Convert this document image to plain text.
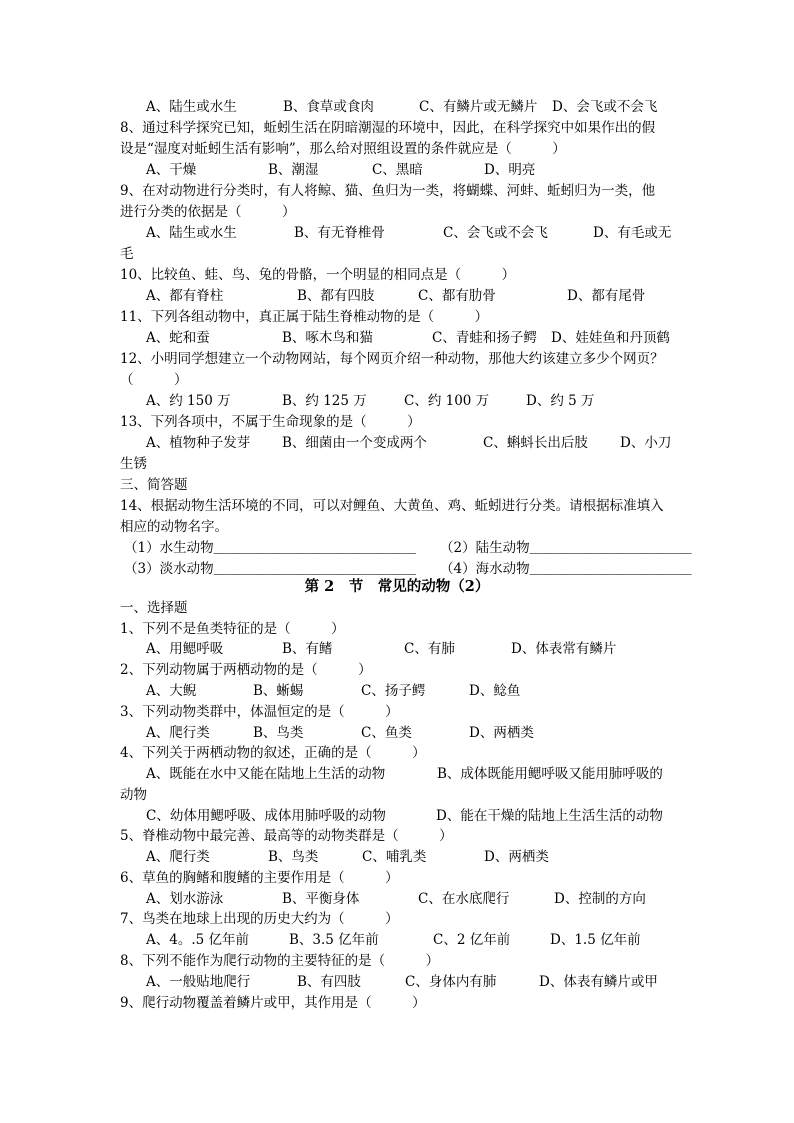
A、陆生或水生	B、食草或食肉	C、有鳞片或无鳞片 D、会飞或不会飞
8、通过科学探究已知，蚯蚓生活在阴暗潮湿的环境中，因此，在科学探究中如果作出的假
设是“湿度对蚯蚓生活有影响”，那么给对照组设置的条件就应是（　　　）
A、干燥	B、潮湿	C、黑暗	D、明亮
9、在对动物进行分类时，有人将鲸、猫、鱼归为一类，将蝴蝶、河蚌、蚯蚓归为一类，他
进行分类的依据是（　　　）
A、陆生或水生	B、有无脊椎骨	C、会飞或不会飞	D、有毛或无
毛
10、比较鱼、蛙、鸟、兔的骨骼，一个明显的相同点是（　　　）
A、都有脊柱	B、都有四肢	C、都有肋骨	D、都有尾骨
11、下列各组动物中，真正属于陆生脊椎动物的是（　　　）
A、蛇和蚕	B、啄木鸟和猫	C、青蛙和扬子鳄 D、娃娃鱼和丹顶鹤
12、小明同学想建立一个动物网站，每个网页介绍一种动物，那他大约该建立多少个网页？
（　　　）
A、约 150 万	B、约 125 万	C、约 100 万	D、约 5 万
13、下列各项中，不属于生命现象的是（　　　）
A、植物种子发芽 B、细菌由一个变成两个	C、蝌蚪长出后肢 D、小刀
生锈
三、简答题
14、根据动物生活环境的不同，可以对鲤鱼、大黄鱼、鸡、蚯蚓进行分类。请根据标准填入
相应的动物名字。
（1）水生动物＿＿＿＿＿＿＿＿＿＿＿＿＿＿＿ （2）陆生动物＿＿＿＿＿＿＿＿＿＿＿＿
（3）淡水动物＿＿＿＿＿＿＿＿＿＿＿＿＿＿＿ （4）海水动物＿＿＿＿＿＿＿＿＿＿＿＿
第 2　节　常见的动物（2）
一、选择题
1、下列不是鱼类特征的是（　　　）
A、用鳃呼吸	B、有鳍	C、有肺	D、体表常有鳞片
2、下列动物属于两栖动物的是（　　　）
A、大鲵	B、蜥蜴	C、扬子鳄	D、鲶鱼
3、下列动物类群中，体温恒定的是（　　　）
A、爬行类	B、鸟类	C、鱼类	D、两栖类
4、下列关于两栖动物的叙述，正确的是（　　　）
A、既能在水中又能在陆地上生活的动物	B、成体既能用鳃呼吸又能用肺呼吸的
动物
C、幼体用鳃呼吸、成体用肺呼吸的动物	D、能在干燥的陆地上生活生活的动物
5、脊椎动物中最完善、最高等的动物类群是（　　　）
A、爬行类	B、鸟类	C、哺乳类	D、两栖类
6、草鱼的胸鳍和腹鳍的主要作用是（　　　）
A、划水游泳	B、平衡身体	C、在水底爬行	D、控制的方向
7、鸟类在地球上出现的历史大约为（　　　）
A、4。.5 亿年前	B、3.5 亿年前	C、2 亿年前	D、1.5 亿年前
8、下列不能作为爬行动物的主要特征的是（　　　）
A、一般贴地爬行	B、有四肢	C、身体内有肺	D、体表有鳞片或甲
9、爬行动物覆盖着鳞片或甲，其作用是（　　　）
